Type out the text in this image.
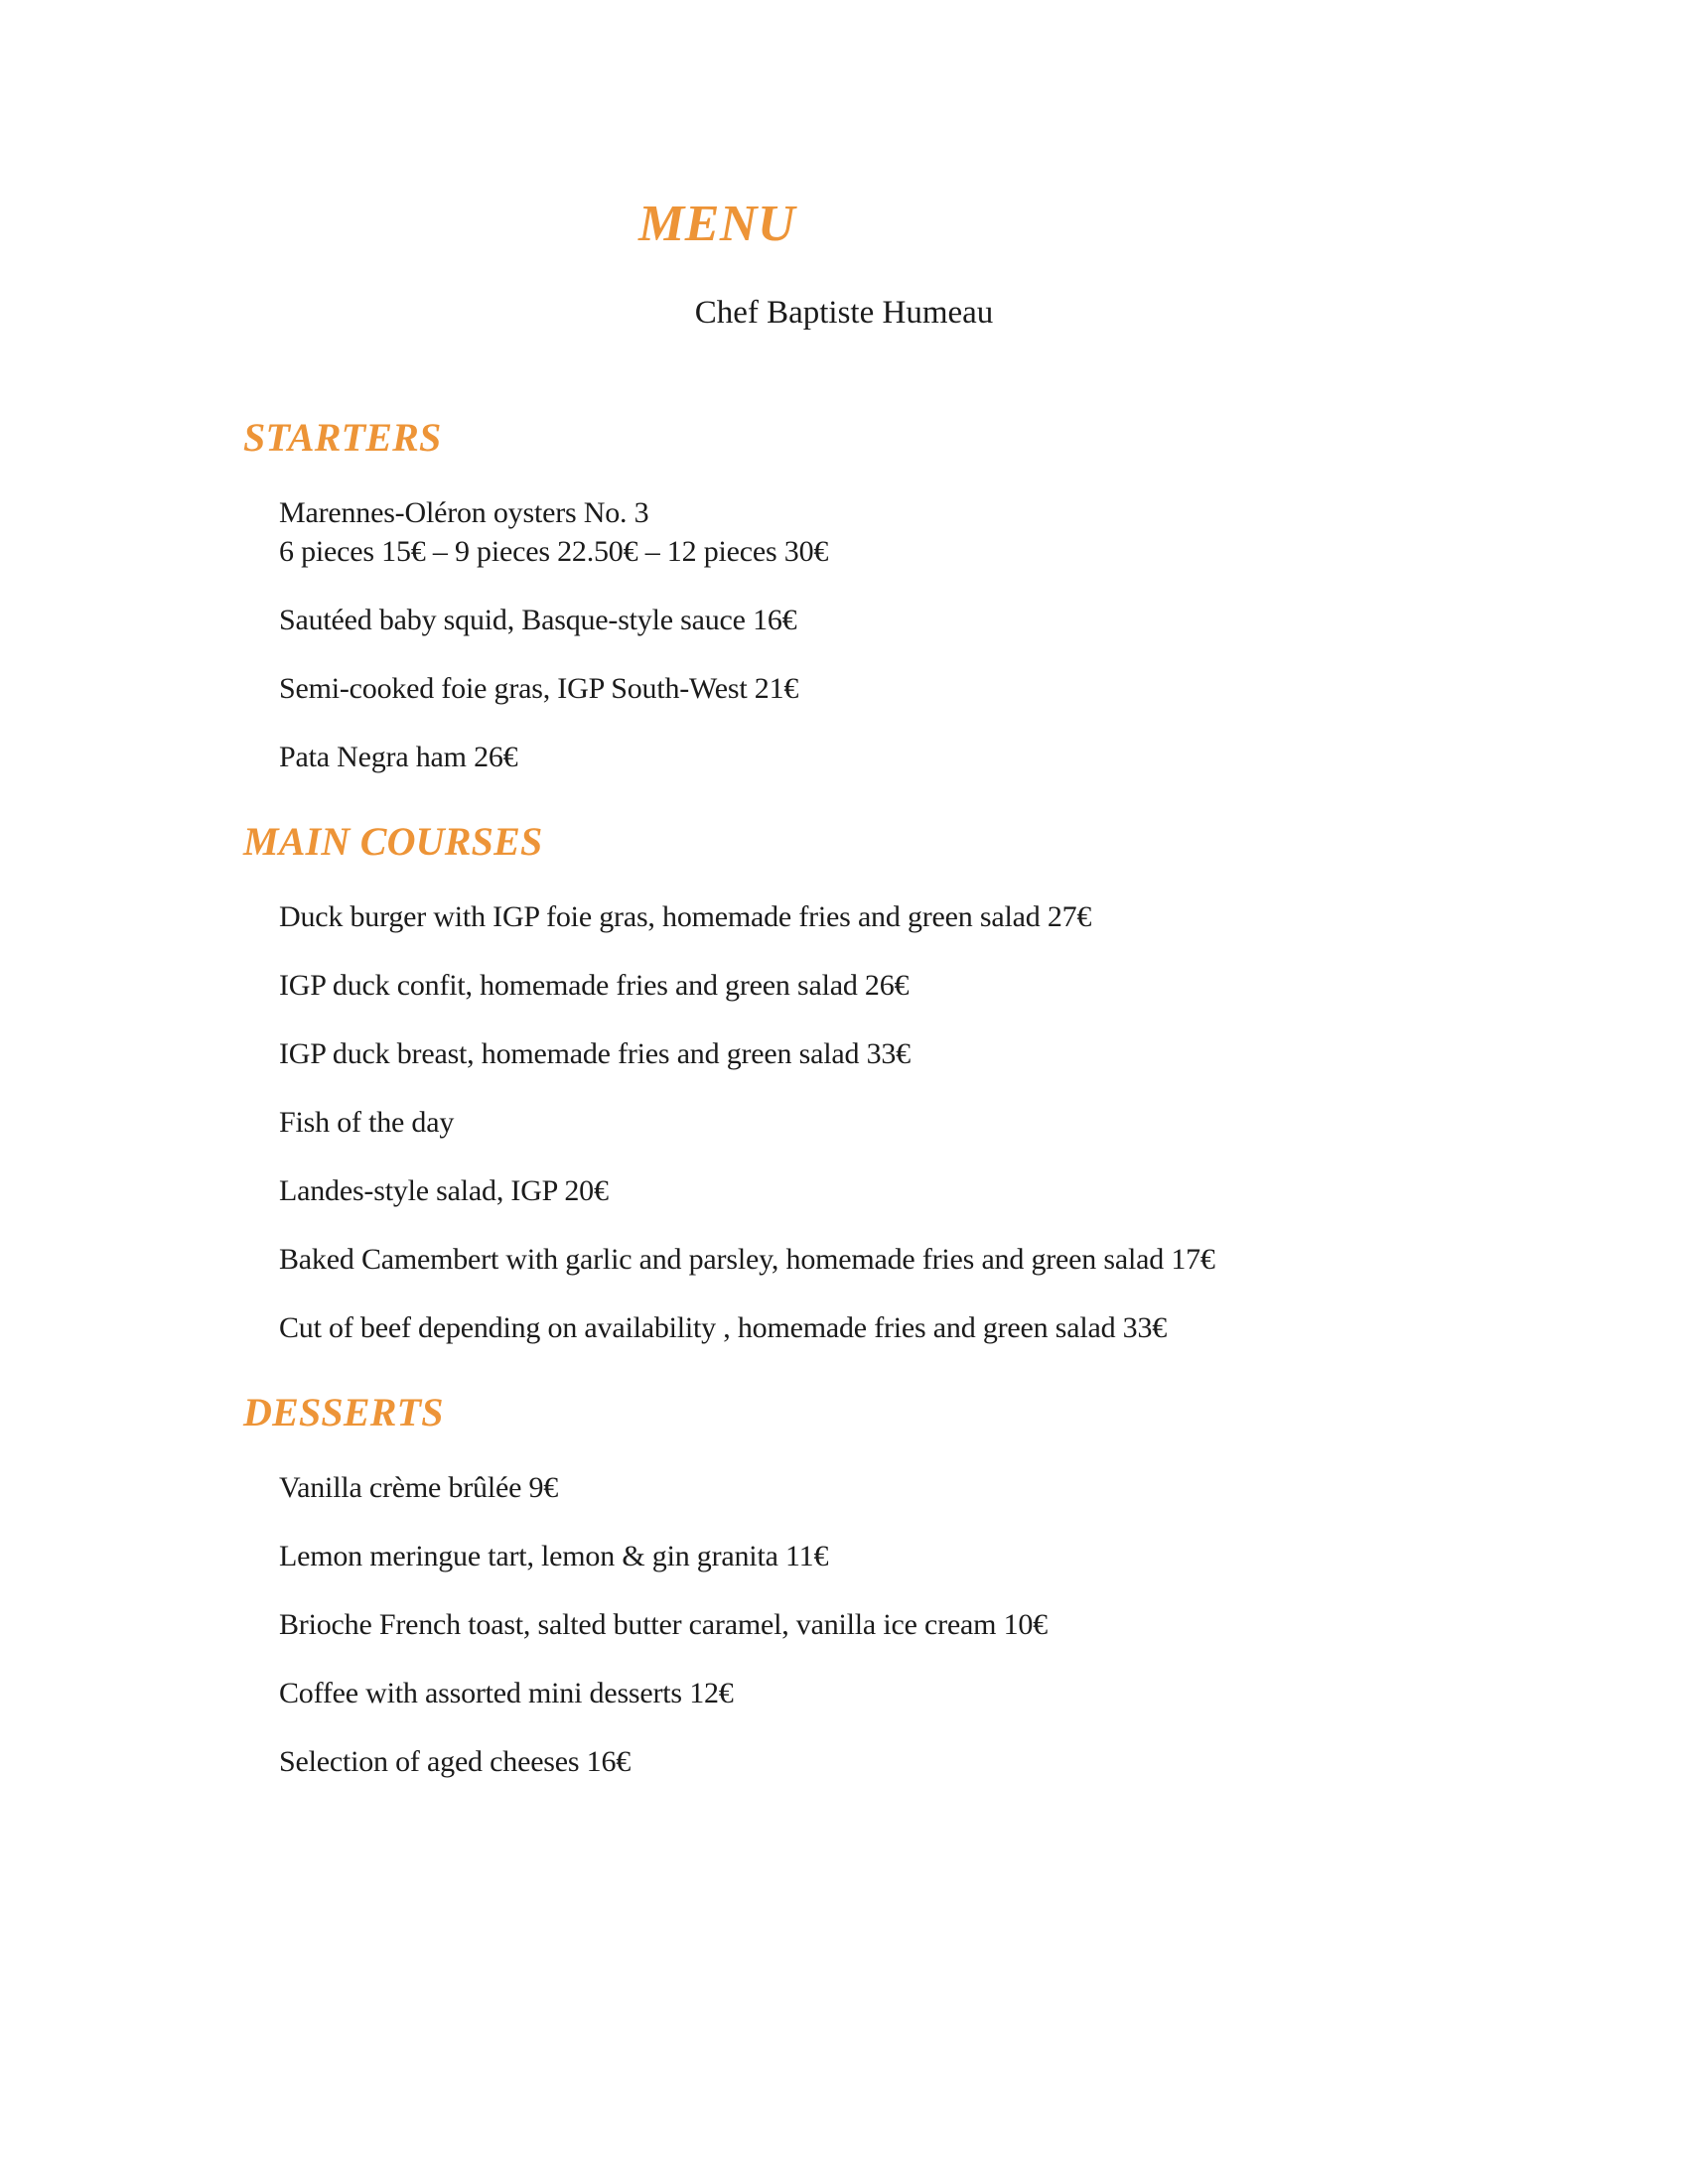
MENU

Chef Baptiste Humeau

STARTERS

Marennes-Oléron oysters No. 3
6 pieces 15€ – 9 pieces 22.50€ – 12 pieces 30€

Sautéed baby squid, Basque-style sauce 16€

Semi-cooked foie gras, IGP South-West 21€

Pata Negra ham 26€

MAIN COURSES

Duck burger with IGP foie gras, homemade fries and green salad 27€

IGP duck confit, homemade fries and green salad 26€

IGP duck breast, homemade fries and green salad 33€

Fish of the day

Landes-style salad, IGP 20€

Baked Camembert with garlic and parsley, homemade fries and green salad 17€

Cut of beef depending on availability , homemade fries and green salad 33€

DESSERTS

Vanilla crème brûlée 9€

Lemon meringue tart, lemon & gin granita 11€

Brioche French toast, salted butter caramel, vanilla ice cream 10€

Coffee with assorted mini desserts 12€

Selection of aged cheeses 16€
